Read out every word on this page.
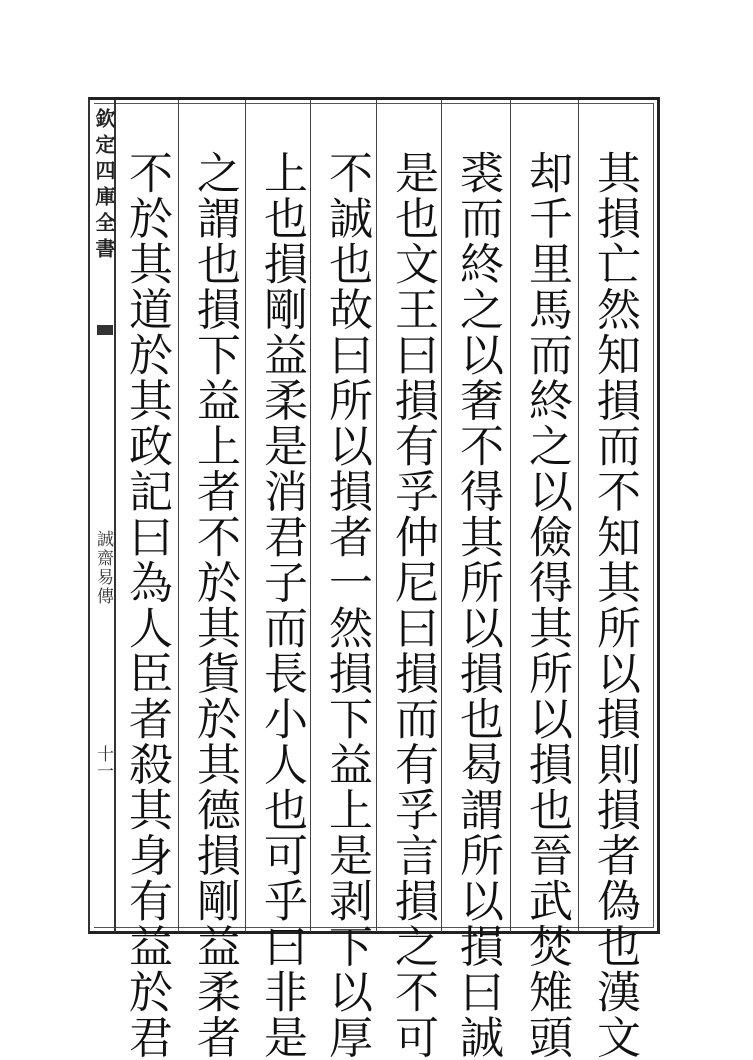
欽定四庫全書
誠齋易傳
十一	其損亡然知損而不知其所以損則損者偽也漢文
却千里馬而終之以儉得其所以損也晉武焚雉頭
裘而終之以奢不得其所以損也曷謂所以損曰誠
是也文王曰損有孚仲尼曰損而有孚言損之不可
不誠也故曰所以損者一然損下益上是剥下以厚
上也損剛益柔是消君子而長小人也可乎曰非是
之謂也損下益上者不於其貨於其德損剛益柔者
不於其道於其政記曰為人臣者殺其身有益於君
